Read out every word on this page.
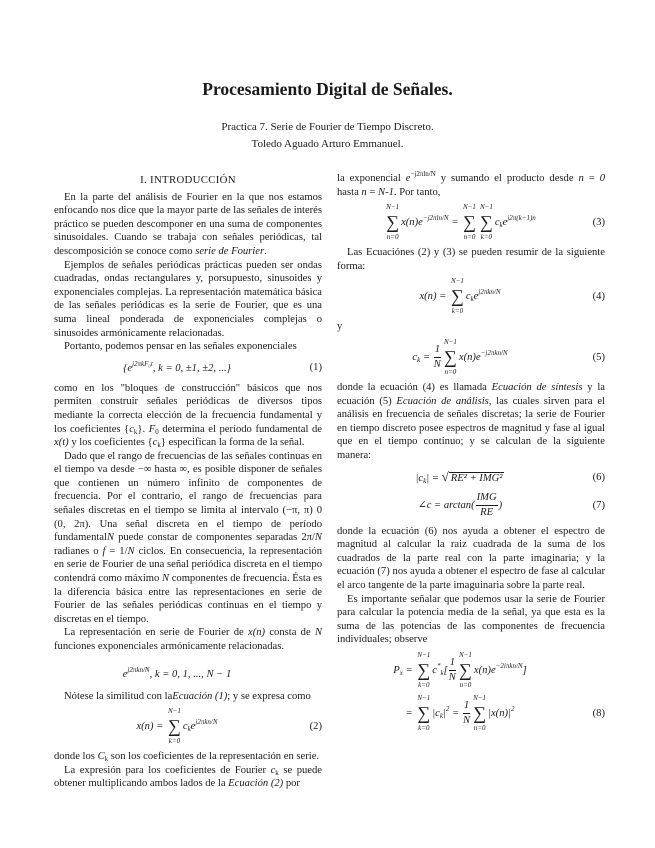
Procesamiento Digital de Señales.
Practica 7. Serie de Fourier de Tiempo Discreto.
Toledo Aguado Arturo Emmanuel.
I. INTRODUCCIÓN

En la parte del análisis de Fourier en la que nos estamos enfocando nos dice que la mayor parte de las señales de interés práctico se pueden descomponer en una suma de componentes sinusoidales. Cuando se trabaja con señales periódicas, tal descomposición se conoce como serie de Fourier.

Ejemplos de señales periódicas prácticas pueden ser ondas cuadradas, ondas rectangulares y, porsupuesto, sinusoides y exponenciales complejas. La representación matemática básica de las señales periódicas es la serie de Fourier, que es una suma lineal ponderada de exponenciales complejas o sinusoides armónicamente relacionadas.

Portanto, podemos pensar en las señales exponenciales

{$e^{j2\pi kF_0t}$, k = 0, ±1, ±2, ...}	(1)

como en los "bloques de construcción" básicos que nos permiten construir señales periódicas de diversos tipos mediante la correcta elección de la frecuencia fundamental y los coeficientes $\{c_k\}$. $F_0$ determina el período fundamental de x(t) y los coeficientes $\{c_k\}$ especifican la forma de la señal.

Dado que el rango de frecuencias de las señales continuas en el tiempo va desde −∞ hasta ∞, es posible disponer de señales que contienen un número infinito de componentes de frecuencia. Por el contrario, el rango de frecuencias para señales discretas en el tiempo se limita al intervalo (−π, π) 0 (0, 2π). Una señal discreta en el tiempo de período fundamentalN puede constar de componentes separadas 2π/N radianes o f = 1/N ciclos. En consecuencia, la representación en serie de Fourier de una señal periódica discreta en el tiempo contendrá como máximo N componentes de frecuencia. Ésta es la diferencia básica entre las representaciones en serie de Fourier de las señales periódicas continuas en el tiempo y discretas en el tiempo.

La representación en serie de Fourier de x(n) consta de N funciones exponenciales armónicamente relacionadas.

$e^{j2\pi kn/N}$, k = 0, 1, ..., N − 1

Nótese la similitud con laEcuación (1); y se expresa como

x(n) =
N−1
∑
k=0
$c_ke^{j2\pi kn/N}$	(2)

donde los $C_k$ son los coeficientes de la representación en serie.

La expresión para los coeficientes de Fourier $c_k$ se puede obtener multiplicando ambos lados de la Ecuación (2) por

la exponencial $e^{-j2\pi ln/N}$ y sumando el producto desde n = 0 hasta n = N-1. Por tanto,

N−1
∑
n=0
$x(n)e^{-j2\pi ln/N}$ =
N−1
∑
n=0
N−1
∑
k=0
$c_ke^{j2\pi(k-1)n}$	(3)

Las Ecuaciónes (2) y (3) se pueden resumir de la siguiente forma:

x(n) =
N−1
∑
k=0
$c_ke^{j2\pi kn/N}$	(4)

y

$c_k = \frac{1}{N}$
N−1
∑
n=0
$x(n)e^{-j2\pi kn/N}$	(5)

donde la ecuación (4) es llamada Ecuación de síntesis y la ecuación (5) Ecuación de análisis, las cuales sirven para el análisis en frecuencia de señales discretas; la serie de Fourier en tiempo discreto posee espectros de magnitud y fase al igual que en el tiempo continuo; y se calculan de la siguiente manera:

$|c_k|$ = √ RE² + IMG²	(6)
∠c = $\arctan( \frac{\text{IMG}}{RE}$ )	(7)

donde la ecuación (6) nos ayuda a obtener el espectro de magnitud al calcular la raiz cuadrada de la suma de los cuadrados de la parte real con la parte imaginaria; y la ecuación (7) nos ayuda a obtener el espectro de fase al calcular el arco tangente de la parte imaguinaria sobre la parte real.

Es importante señalar que podemos usar la serie de Fourier para calcular la potencia media de la señal, ya que esta es la suma de las potencias de las componentes de frecuencia individuales; observe

$P_x$ =
N−1
∑
k=0
$c^*_k[ \frac{1}{N}$
N−1
∑
n=0
$x(n)e^{-2i\pi kn/N}$]
=
N−1
∑
k=0
$|c_k|^2 = \frac{1}{N}$
N−1
∑
n=0
$|x(n)|^2$	(8)
